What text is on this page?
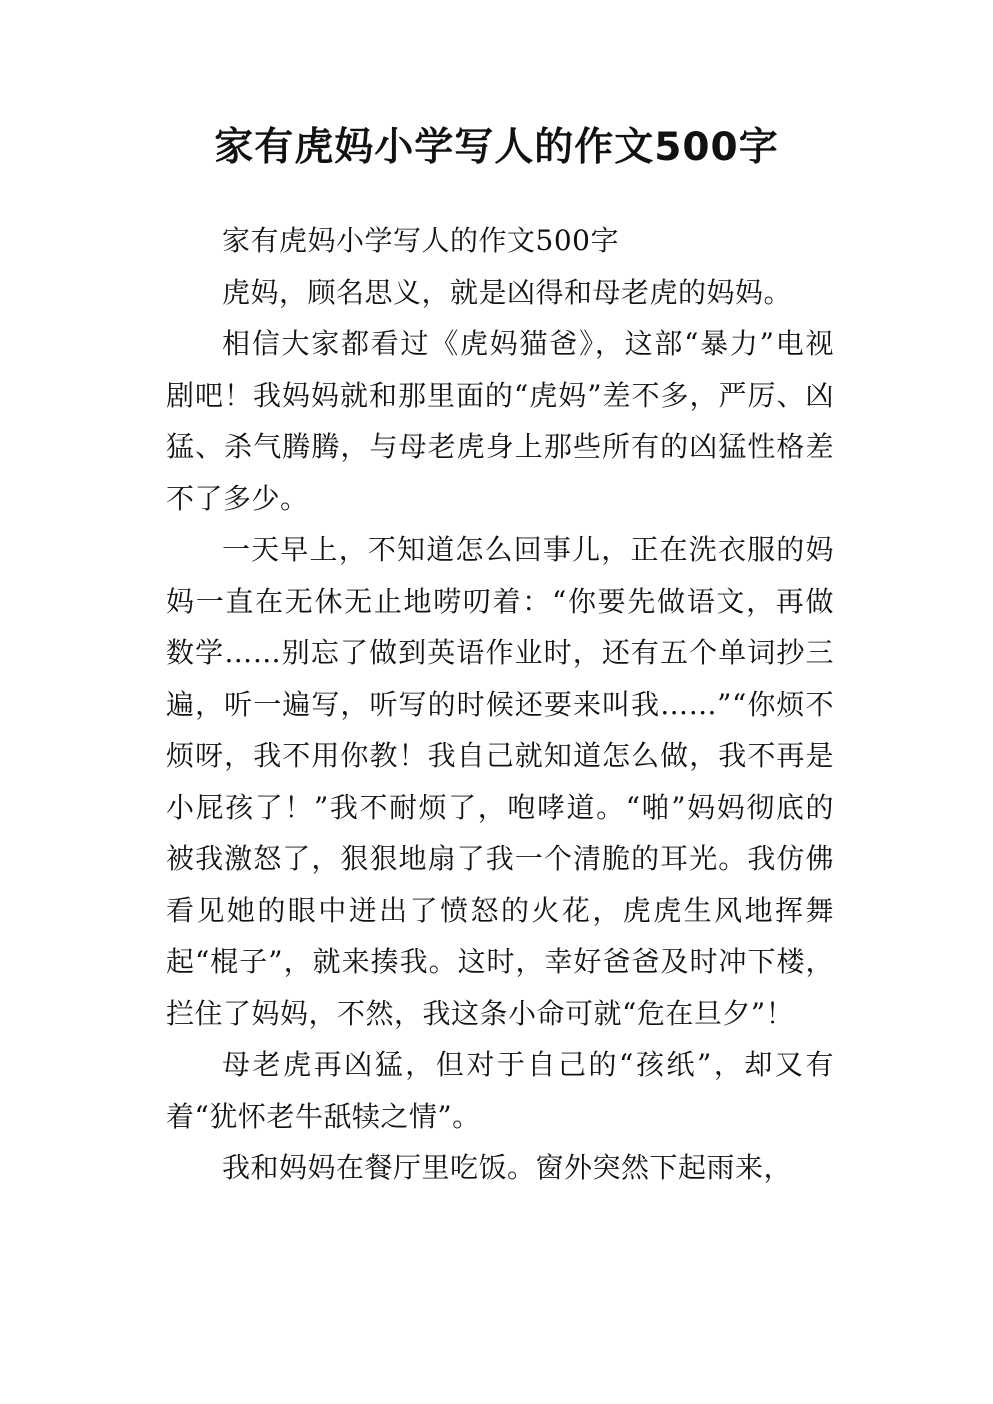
家有虎妈小学写人的作文500字

家有虎妈小学写人的作文500字

虎妈，顾名思义，就是凶得和母老虎的妈妈。

相信大家都看过《虎妈猫爸》，这部“暴力”电视剧吧！我妈妈就和那里面的“虎妈”差不多，严厉、凶猛、杀气腾腾，与母老虎身上那些所有的凶猛性格差不了多少。

一天早上，不知道怎么回事儿，正在洗衣服的妈妈一直在无休无止地唠叨着：“你要先做语文，再做数学……别忘了做到英语作业时，还有五个单词抄三遍，听一遍写，听写的时候还要来叫我……”“你烦不烦呀，我不用你教！我自己就知道怎么做，我不再是小屁孩了！”我不耐烦了，咆哮道。“啪”妈妈彻底的被我激怒了，狠狠地扇了我一个清脆的耳光。我仿佛看见她的眼中迸出了愤怒的火花，虎虎生风地挥舞起“棍子”，就来揍我。这时，幸好爸爸及时冲下楼，拦住了妈妈，不然，我这条小命可就“危在旦夕”！

母老虎再凶猛，但对于自己的“孩纸”，却又有着“犹怀老牛舐犊之情”。

我和妈妈在餐厅里吃饭。窗外突然下起雨来，
